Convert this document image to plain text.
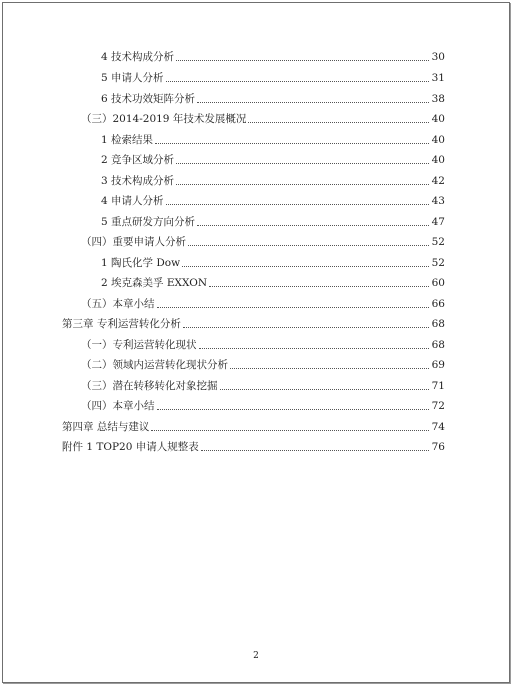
4 技术构成分析	30
5 申请人分析	31
6 技术功效矩阵分析	38
（三）2014-2019 年技术发展概况	40
1 检索结果	40
2 竞争区域分析	40
3 技术构成分析	42
4 申请人分析	43
5 重点研发方向分析	47
（四）重要申请人分析	52
1 陶氏化学 Dow	52
2 埃克森美孚 EXXON	60
（五）本章小结	66
第三章 专利运营转化分析	68
（一）专利运营转化现状	68
（二）领域内运营转化现状分析	69
（三）潜在转移转化对象挖掘	71
（四）本章小结	72
第四章 总结与建议	74
附件 1 TOP20 申请人规整表	76
2
